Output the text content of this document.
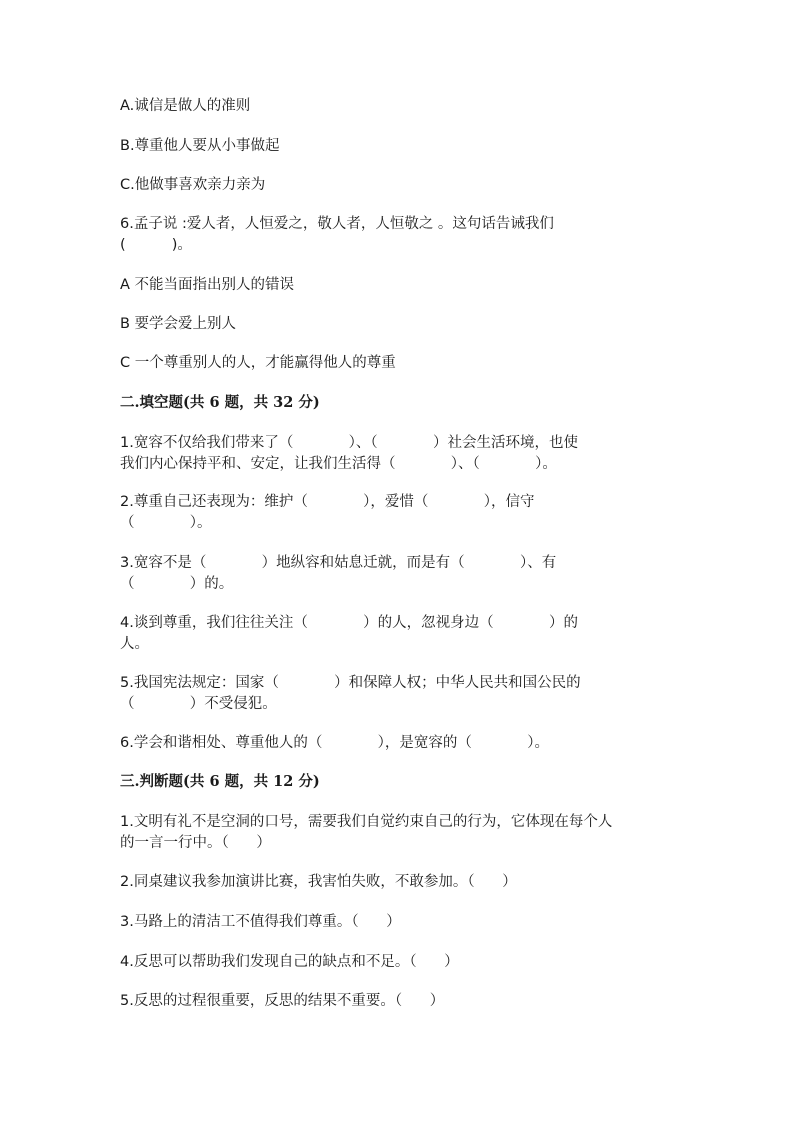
A.诚信是做人的准则
B.尊重他人要从小事做起
C.他做事喜欢亲力亲为
6.孟子说 :爱人者，人恒爱之，敬人者，人恒敬之 。这句话告诫我们
(          )。
A 不能当面指出别人的错误
B 要学会爱上别人
C 一个尊重别人的人，才能赢得他人的尊重
二.填空题(共 6 题，共 32 分)
1.宽容不仅给我们带来了（            ）、（            ）社会生活环境，也使
我们内心保持平和、安定，让我们生活得（            ）、（            ）。
2.尊重自己还表现为：维护（            ），爱惜（            ），信守
（            ）。
3.宽容不是（            ）地纵容和姑息迁就，而是有（            ）、有
（            ）的。
4.谈到尊重，我们往往关注（            ）的人，忽视身边（            ）的
人。
5.我国宪法规定：国家（            ）和保障人权；中华人民共和国公民的
（            ）不受侵犯。
6.学会和谐相处、尊重他人的（            ），是宽容的（            ）。
三.判断题(共 6 题，共 12 分)
1.文明有礼不是空洞的口号，需要我们自觉约束自己的行为，它体现在每个人
的一言一行中。（      ）
2.同桌建议我参加演讲比赛，我害怕失败，不敢参加。（      ）
3.马路上的清洁工不值得我们尊重。（      ）
4.反思可以帮助我们发现自己的缺点和不足。（      ）
5.反思的过程很重要，反思的结果不重要。（      ）
